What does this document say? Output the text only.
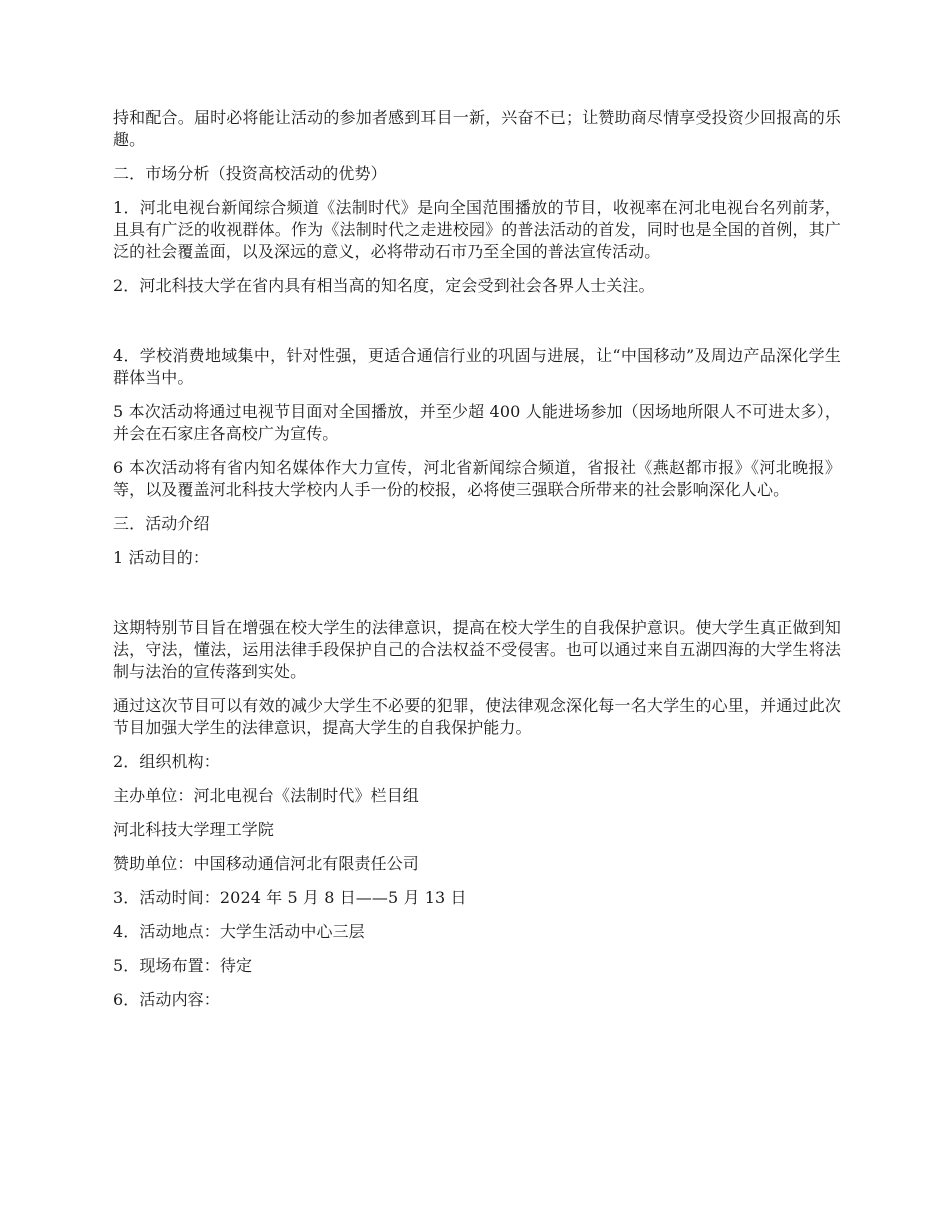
持和配合。届时必将能让活动的参加者感到耳目一新，兴奋不已；让赞助商尽情享受投资少回报高的乐趣。

二．市场分析（投资高校活动的优势）

1．河北电视台新闻综合频道《法制时代》是向全国范围播放的节目，收视率在河北电视台名列前茅，且具有广泛的收视群体。作为《法制时代之走进校园》的普法活动的首发，同时也是全国的首例，其广泛的社会覆盖面，以及深远的意义，必将带动石市乃至全国的普法宣传活动。

2．河北科技大学在省内具有相当高的知名度，定会受到社会各界人士关注。

4．学校消费地域集中，针对性强，更适合通信行业的巩固与进展，让“中国移动”及周边产品深化学生群体当中。

5 本次活动将通过电视节目面对全国播放，并至少超 400 人能进场参加（因场地所限人不可进太多），并会在石家庄各高校广为宣传。

6 本次活动将有省内知名媒体作大力宣传，河北省新闻综合频道，省报社《燕赵都市报》《河北晚报》等，以及覆盖河北科技大学校内人手一份的校报，必将使三强联合所带来的社会影响深化人心。

三．活动介绍

1 活动目的：

这期特别节目旨在增强在校大学生的法律意识，提高在校大学生的自我保护意识。使大学生真正做到知法，守法，懂法，运用法律手段保护自己的合法权益不受侵害。也可以通过来自五湖四海的大学生将法制与法治的宣传落到实处。

通过这次节目可以有效的减少大学生不必要的犯罪，使法律观念深化每一名大学生的心里，并通过此次节目加强大学生的法律意识，提高大学生的自我保护能力。

2．组织机构：

主办单位：河北电视台《法制时代》栏目组

河北科技大学理工学院

赞助单位：中国移动通信河北有限责任公司

3．活动时间：2024 年 5 月 8 日——5 月 13 日

4．活动地点：大学生活动中心三层

5．现场布置：待定

6．活动内容：
